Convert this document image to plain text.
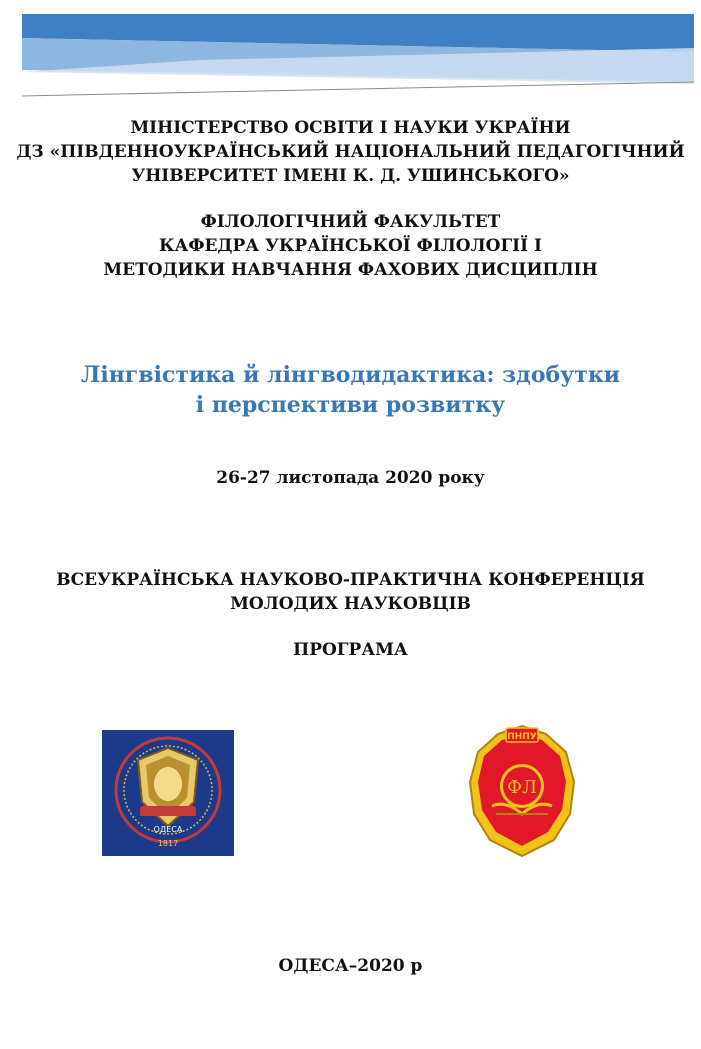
МІНІСТЕРСТВО ОСВІТИ І НАУКИ УКРАЇНИ
ДЗ «ПІВДЕННОУКРАЇНСЬКИЙ НАЦІОНАЛЬНИЙ ПЕДАГОГІЧНИЙ
УНІВЕРСИТЕТ ІМЕНІ К. Д. УШИНСЬКОГО»
ФІЛОЛОГІЧНИЙ ФАКУЛЬТЕТ
КАФЕДРА УКРАЇНСЬКОЇ ФІЛОЛОГІЇ І
МЕТОДИКИ НАВЧАННЯ ФАХОВИХ ДИСЦИПЛІН
Лінгвістика й лінгводидактика: здобутки
і перспективи розвитку
26-27 листопада 2020 року
ВСЕУКРАЇНСЬКА НАУКОВО-ПРАКТИЧНА КОНФЕРЕНЦІЯ
МОЛОДИХ НАУКОВЦІВ
ПРОГРАМА
ОДЕСА
1817
ПНПУ
ФЛ
ОДЕСА–2020 р
